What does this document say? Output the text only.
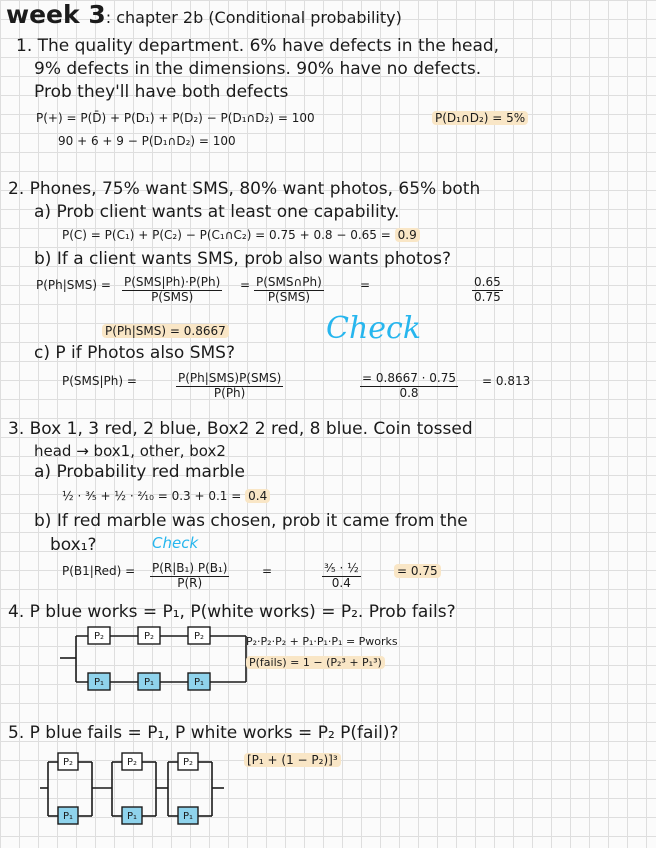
week 3: chapter 2b (Conditional probability)
1. The quality department. 6% have defects in the head,
9% defects in the dimensions. 90% have no defects.
Prob they'll have both defects
P(+) = P(D̄) + P(D₁) + P(D₂) − P(D₁∩D₂) = 100	P(D₁∩D₂) = 5%
90 + 6 + 9 − P(D₁∩D₂) = 100
2. Phones, 75% want SMS, 80% want photos, 65% both
a) Prob client wants at least one capability.
P(C) = P(C₁) + P(C₂) − P(C₁∩C₂) = 0.75 + 0.8 − 0.65 = 0.9
b) If a client wants SMS, prob also wants photos?
P(Ph|SMS) = P(SMS|Ph)·P(Ph)
P(SMS)
= P(SMS∩Ph)
P(SMS)
=	$\frac{0.65}{0.75}$
P(Ph|SMS) = 0.8667	Check
c) P if Photos also SMS?
P(SMS|Ph) =	P(Ph|SMS)P(SMS)
P(Ph)	$\frac{= 0.8667 \cdot 0.75}{0.8} = 0.813$
3. Box 1, 3 red, 2 blue, Box2 2 red, 8 blue. Coin tossed
head → box1, other, box2
a) Probability red marble
½ · ³⁄₅ + ½ · ²⁄₁₀ = 0.3 + 0.1 = 0.4
b) If red marble was chosen, prob it came from the
box₁?	Check
$P(B1|Red) = \frac{\text{P(R|B₁) P(B₁)}}{P(R)}$	=	³⁄₅ · ½
0.4
= 0.75
4. P blue works = P₁, P(white works) = P₂. Prob fails?
P₂	P₂	P₂
P₁	P₁	P₁
P₂·P₂·P₂ + P₁·P₁·P₁ = Pworks
P(fails) = 1 − (P₂³ + P₁³)
5. P blue fails = P₁, P white works = P₂ P(fail)?
P₂	P₂	P₂
P₁	P₁	P₁
[P₁ + (1 − P₂)]³
